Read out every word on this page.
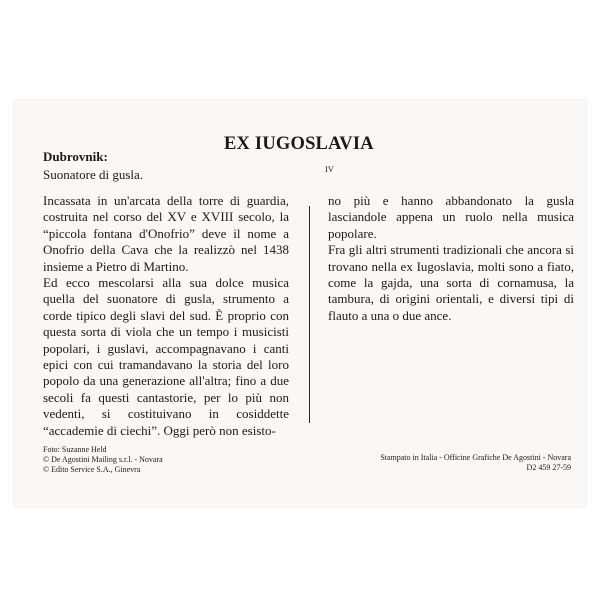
Dubrovnik:
EX IUGOSLAVIA
IV
Suonatore di gusla.

Incassata in un'arcata della torre di guardia, costruita nel corso del XV e XVIII secolo, la “piccola fontana d'Onofrio” deve il nome a Onofrio della Cava che la realizzò nel 1438 insieme a Pietro di Martino.

Ed ecco mescolarsi alla sua dolce musica quella del suonatore di gusla, strumento a corde tipico degli slavi del sud. È proprio con questa sorta di viola che un tempo i musicisti popolari, i guslavi, accompagnavano i canti epici con cui tramandavano la storia del loro popolo da una generazione all'altra; fino a due secoli fa questi cantastorie, per lo più non vedenti, si costituivano in cosiddette “accademie di ciechi”. Oggi però non esisto-

no più e hanno abbandonato la gusla lasciandole appena un ruolo nella musica popolare.

Fra gli altri strumenti tradizionali che ancora si trovano nella ex Iugoslavia, molti sono a fiato, come la gajda, una sorta di cornamusa, la tambura, di origini orientali, e diversi tipi di flauto a una o due ance.

Foto: Suzanne Held
© De Agostini Mailing s.r.l. - Novara
© Edito Service S.A., Ginevra
Stampato in Italia - Officine Grafiche De Agostini - Novara
D2 459 27-59
